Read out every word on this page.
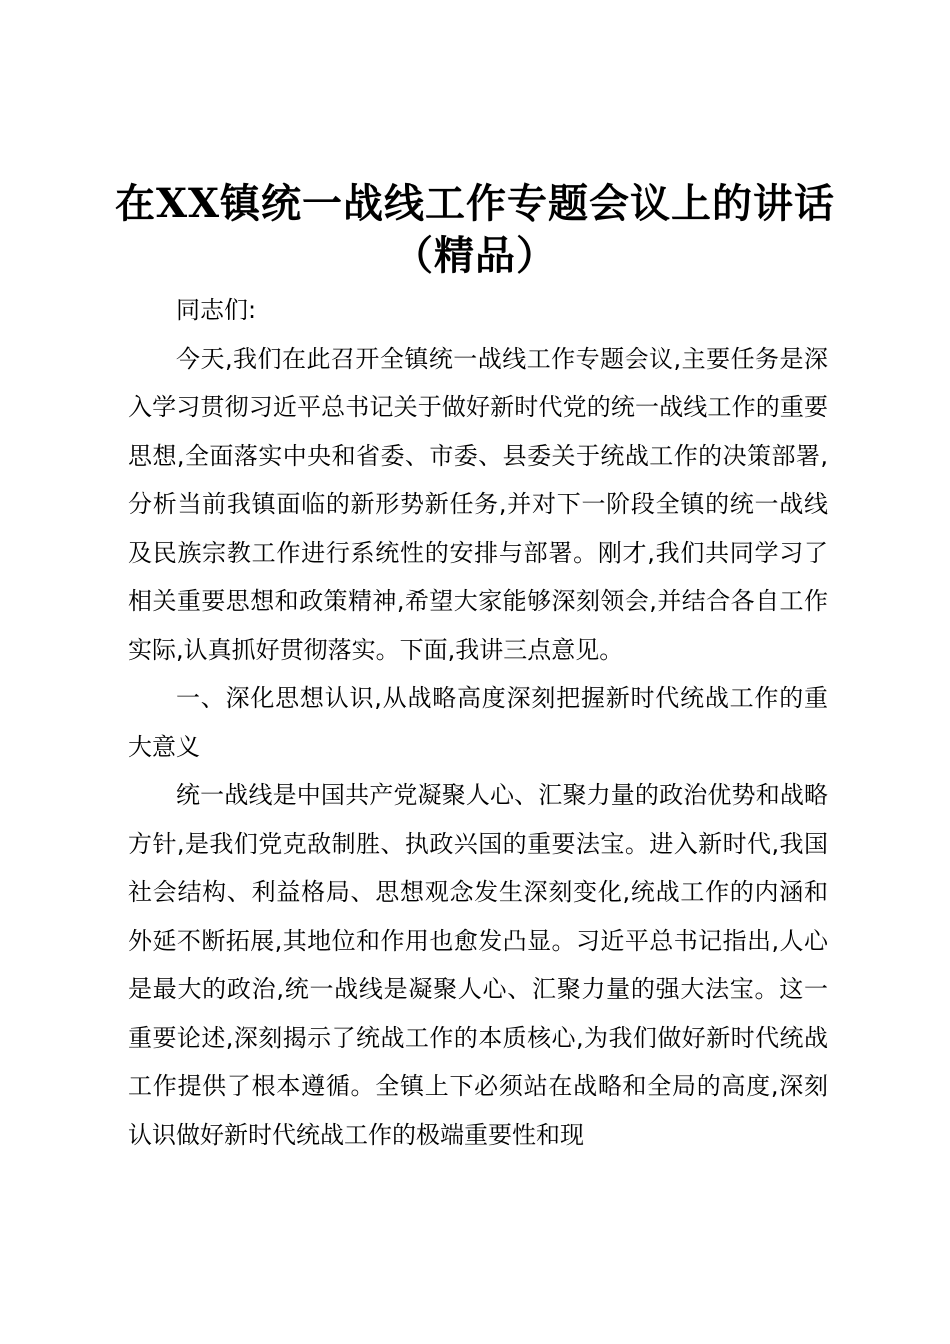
在XX镇统一战线工作专题会议上的讲话（精品）

同志们:

今天,我们在此召开全镇统一战线工作专题会议,主要任务是深入学习贯彻习近平总书记关于做好新时代党的统一战线工作的重要思想,全面落实中央和省委、市委、县委关于统战工作的决策部署,分析当前我镇面临的新形势新任务,并对下一阶段全镇的统一战线及民族宗教工作进行系统性的安排与部署。刚才,我们共同学习了相关重要思想和政策精神,希望大家能够深刻领会,并结合各自工作实际,认真抓好贯彻落实。下面,我讲三点意见。

一、深化思想认识,从战略高度深刻把握新时代统战工作的重大意义

统一战线是中国共产党凝聚人心、汇聚力量的政治优势和战略方针,是我们党克敌制胜、执政兴国的重要法宝。进入新时代,我国社会结构、利益格局、思想观念发生深刻变化,统战工作的内涵和外延不断拓展,其地位和作用也愈发凸显。习近平总书记指出,人心是最大的政治,统一战线是凝聚人心、汇聚力量的强大法宝。这一重要论述,深刻揭示了统战工作的本质核心,为我们做好新时代统战工作提供了根本遵循。全镇上下必须站在战略和全局的高度,深刻认识做好新时代统战工作的极端重要性和现
